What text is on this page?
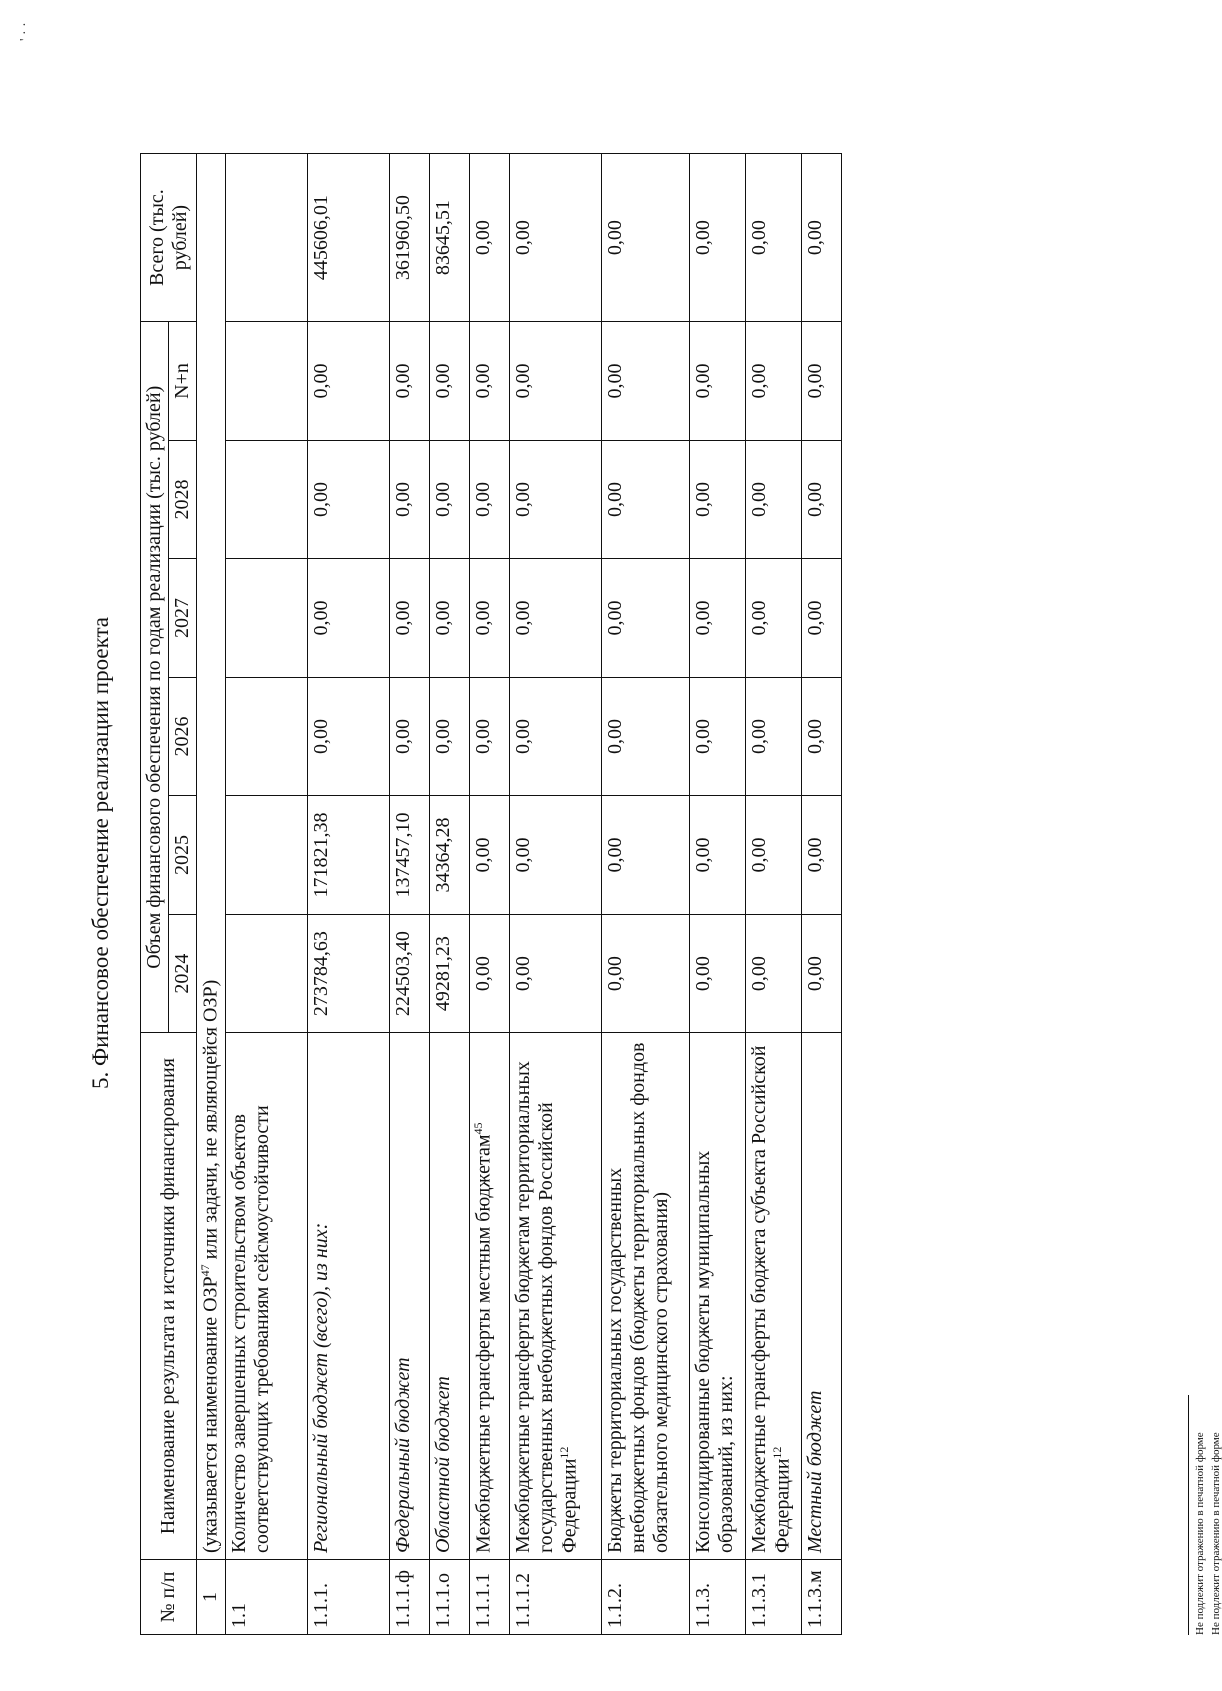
5. Финансовое обеспечение реализации проекта
№ п/п	Наименование результата и источники финансирования	Объем финансового обеспечения по годам реализации (тыс. рублей)						Всего (тыс. рублей)
		2024	2025	2026	2027	2028	N+n	
1	(указывается наименование ОЗР$^{47}$ или задачи, не являющейся ОЗР)							
1.1	Количество завершенных строительством объектов соответствующих требованиям сейсмоустойчивости							
1.1.1.	Региональный бюджет (всего), из них:	273784,63	171821,38	0,00	0,00	0,00	0,00	445606,01
1.1.1.ф	Федеральный бюджет	224503,40	137457,10	0,00	0,00	0,00	0,00	361960,50
1.1.1.о	Областной бюджет	49281,23	34364,28	0,00	0,00	0,00	0,00	83645,51
1.1.1.1	Межбюджетные трансферты местным бюджетам$^{45}$	0,00	0,00	0,00	0,00	0,00	0,00	0,00
1.1.1.2	Межбюджетные трансферты бюджетам территориальных государственных внебюджетных фондов Российской Федерации$^{12}$	0,00	0,00	0,00	0,00	0,00	0,00	0,00
1.1.2.	Бюджеты территориальных государственных внебюджетных фондов (бюджеты территориальных фондов обязательного медицинского страхования)	0,00	0,00	0,00	0,00	0,00	0,00	0,00
1.1.3.	Консолидированные бюджеты муниципальных образований, из них:	0,00	0,00	0,00	0,00	0,00	0,00	0,00
1.1.3.1	Межбюджетные трансферты бюджета субъекта Российской Федерации$^{12}$	0,00	0,00	0,00	0,00	0,00	0,00	0,00
1.1.3.м	Местный бюджет	0,00	0,00	0,00	0,00	0,00	0,00	0,00
Не подлежит отражению в печатной форме Не подлежит отражению в печатной форме
' · ·
